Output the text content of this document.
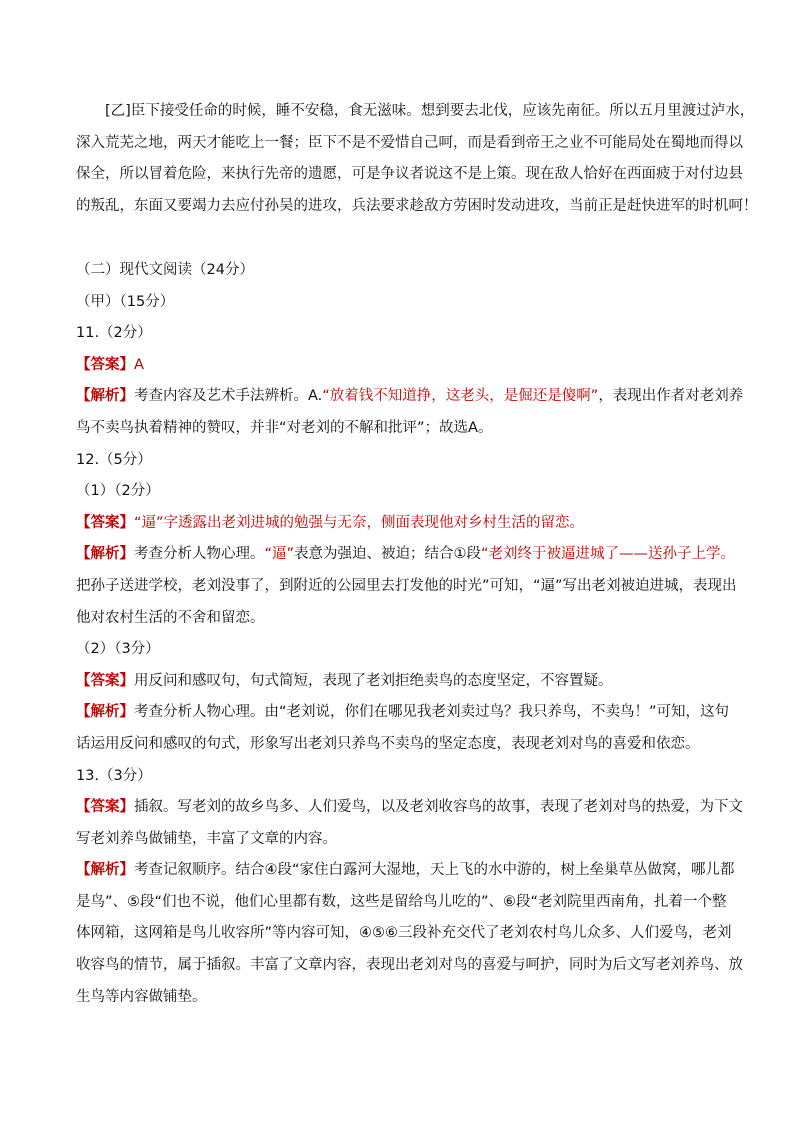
[乙]臣下接受任命的时候，睡不安稳，食无滋味。想到要去北伐，应该先南征。所以五月里渡过泸水，

深入荒芜之地，两天才能吃上一餐；臣下不是不爱惜自己呵，而是看到帝王之业不可能局处在蜀地而得以

保全，所以冒着危险，来执行先帝的遗愿，可是争议者说这不是上策。现在敌人恰好在西面疲于对付边县

的叛乱，东面又要竭力去应付孙吴的进攻，兵法要求趁敌方劳困时发动进攻，当前正是赶快进军的时机呵！

（二）现代文阅读（24分）

（甲）（15分）

11.（2分）

【答案】A

【解析】考查内容及艺术手法辨析。A.“放着钱不知道挣，这老头，是倔还是傻啊”，表现出作者对老刘养

鸟不卖鸟执着精神的赞叹，并非“对老刘的不解和批评”；故选A。

12.（5分）

（1）（2分）

【答案】“逼”字透露出老刘进城的勉强与无奈，侧面表现他对乡村生活的留恋。

【解析】考查分析人物心理。“逼”表意为强迫、被迫；结合①段“老刘终于被逼进城了——送孙子上学。

把孙子送进学校，老刘没事了，到附近的公园里去打发他的时光”可知，“逼”写出老刘被迫进城，表现出

他对农村生活的不舍和留恋。

（2）（3分）

【答案】用反问和感叹句，句式简短，表现了老刘拒绝卖鸟的态度坚定，不容置疑。

【解析】考查分析人物心理。由“老刘说，你们在哪见我老刘卖过鸟？我只养鸟，不卖鸟！”可知，这句

话运用反问和感叹的句式，形象写出老刘只养鸟不卖鸟的坚定态度，表现老刘对鸟的喜爱和依恋。

13.（3分）

【答案】插叙。写老刘的故乡鸟多、人们爱鸟，以及老刘收容鸟的故事，表现了老刘对鸟的热爱，为下文

写老刘养鸟做铺垫，丰富了文章的内容。

【解析】考查记叙顺序。结合④段“家住白露河大湿地，天上飞的水中游的，树上垒巢草丛做窝，哪儿都

是鸟”、⑤段“们也不说，他们心里都有数，这些是留给鸟儿吃的”、⑥段“老刘院里西南角，扎着一个整

体网箱，这网箱是鸟儿收容所”等内容可知，④⑤⑥三段补充交代了老刘农村鸟儿众多、人们爱鸟，老刘

收容鸟的情节，属于插叙。丰富了文章内容，表现出老刘对鸟的喜爱与呵护，同时为后文写老刘养鸟、放

生鸟等内容做铺垫。
